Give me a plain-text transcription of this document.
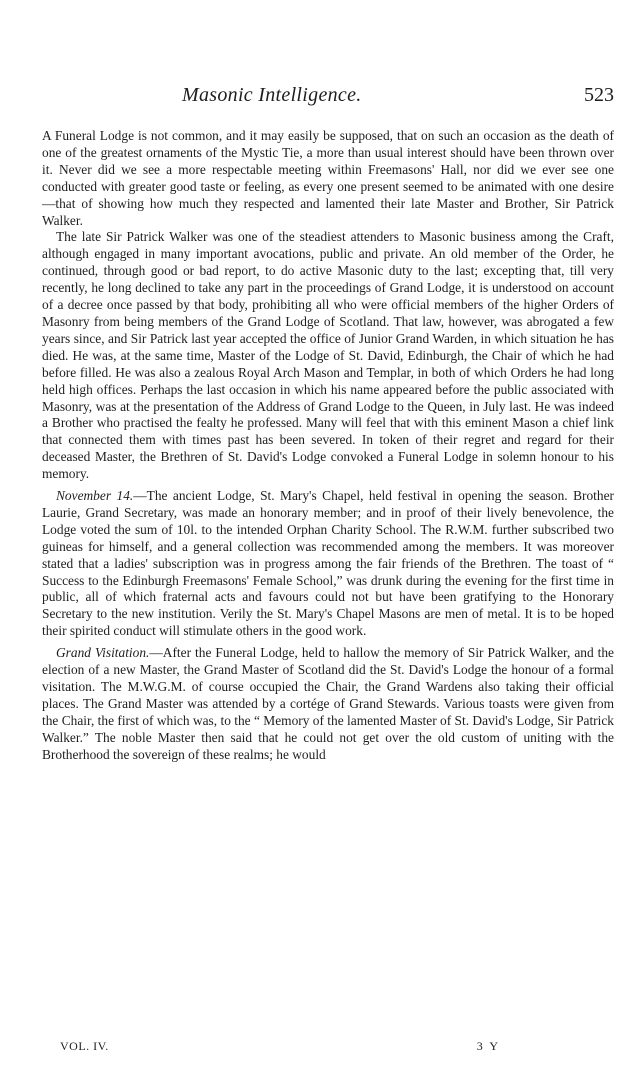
Masonic Intelligence.	523

A Funeral Lodge is not common, and it may easily be supposed, that on such an occasion as the death of one of the greatest ornaments of the Mystic Tie, a more than usual interest should have been thrown over it. Never did we see a more respectable meeting within Freemasons' Hall, nor did we ever see one conducted with greater good taste or feeling, as every one present seemed to be animated with one desire—that of showing how much they respected and lamented their late Master and Brother, Sir Patrick Walker.

The late Sir Patrick Walker was one of the steadiest attenders to Masonic business among the Craft, although engaged in many important avocations, public and private. An old member of the Order, he continued, through good or bad report, to do active Masonic duty to the last; excepting that, till very recently, he long declined to take any part in the proceedings of Grand Lodge, it is understood on account of a decree once passed by that body, prohibiting all who were official members of the higher Orders of Masonry from being members of the Grand Lodge of Scotland. That law, however, was abrogated a few years since, and Sir Patrick last year accepted the office of Junior Grand Warden, in which situation he has died. He was, at the same time, Master of the Lodge of St. David, Edinburgh, the Chair of which he had before filled. He was also a zealous Royal Arch Mason and Templar, in both of which Orders he had long held high offices. Perhaps the last occasion in which his name appeared before the public associated with Masonry, was at the presentation of the Address of Grand Lodge to the Queen, in July last. He was indeed a Brother who practised the fealty he professed. Many will feel that with this eminent Mason a chief link that connected them with times past has been severed. In token of their regret and regard for their deceased Master, the Brethren of St. David's Lodge convoked a Funeral Lodge in solemn honour to his memory.

November 14.—The ancient Lodge, St. Mary's Chapel, held festival in opening the season. Brother Laurie, Grand Secretary, was made an honorary member; and in proof of their lively benevolence, the Lodge voted the sum of 10l. to the intended Orphan Charity School. The R.W.M. further subscribed two guineas for himself, and a general collection was recommended among the members. It was moreover stated that a ladies' subscription was in progress among the fair friends of the Brethren. The toast of “ Success to the Edinburgh Freemasons' Female School,” was drunk during the evening for the first time in public, all of which fraternal acts and favours could not but have been gratifying to the Honorary Secretary to the new institution. Verily the St. Mary's Chapel Masons are men of metal. It is to be hoped their spirited conduct will stimulate others in the good work.

Grand Visitation.—After the Funeral Lodge, held to hallow the memory of Sir Patrick Walker, and the election of a new Master, the Grand Master of Scotland did the St. David's Lodge the honour of a formal visitation. The M.W.G.M. of course occupied the Chair, the Grand Wardens also taking their official places. The Grand Master was attended by a cortége of Grand Stewards. Various toasts were given from the Chair, the first of which was, to the “ Memory of the lamented Master of St. David's Lodge, Sir Patrick Walker.” The noble Master then said that he could not get over the old custom of uniting with the Brotherhood the sovereign of these realms; he would

VOL. IV.	3 Y
